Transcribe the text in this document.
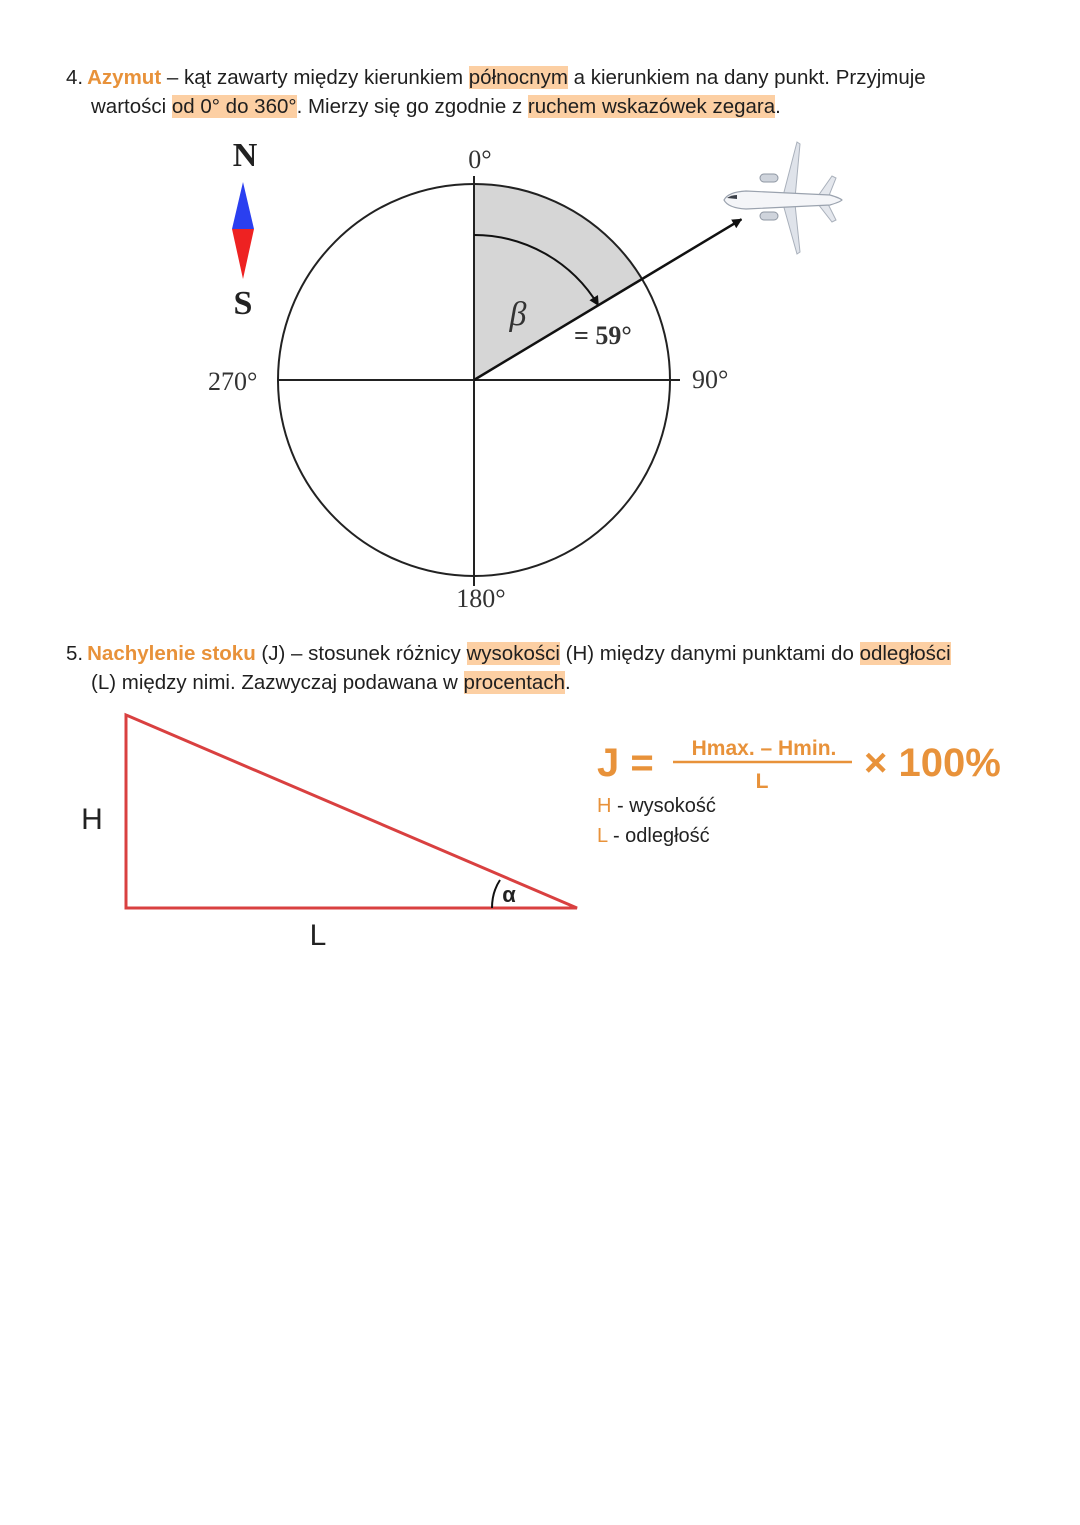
4. Azymut – kąt zawarty między kierunkiem północnym a kierunkiem na dany punkt. Przyjmuje
wartości od 0° do 360°. Mierzy się go zgodnie z ruchem wskazówek zegara.
5. Nachylenie stoku (J) – stosunek różnicy wysokości (H) między danymi punktami do odległości
(L) między nimi. Zazwyczaj podawana w procentach.
H - wysokość
L - odległość
N
S
0°
90°
180°
270°
β
= 59°
H
L
α
J = Hmax. – Hmin.
L × 100%
